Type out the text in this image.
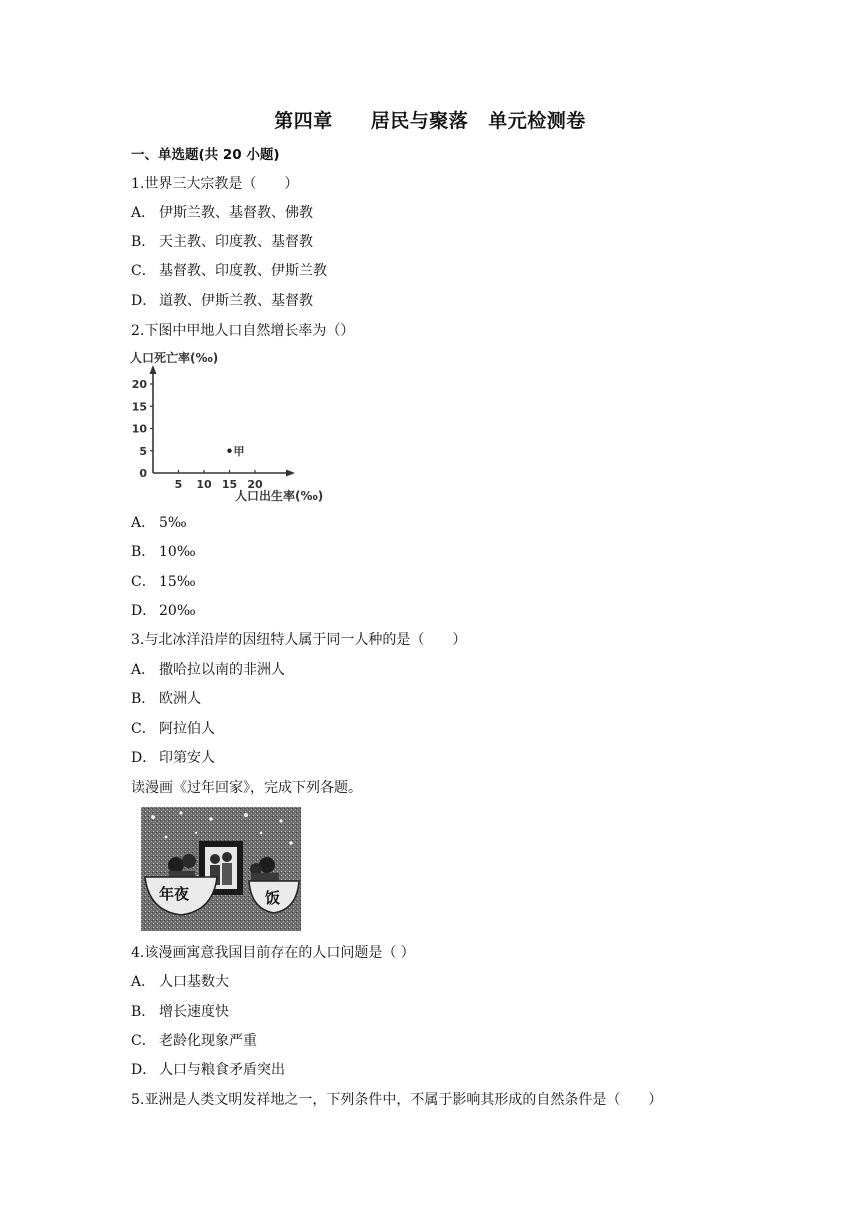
第四章 居民与聚落 单元检测卷
一、单选题(共 20 小题)
1.世界三大宗教是（　　）
A． 伊斯兰教、基督教、佛教
B． 天主教、印度教、基督教
C． 基督教、印度教、伊斯兰教
D． 道教、伊斯兰教、基督教
2.下图中甲地人口自然增长率为（）
人口死亡率(‰)
0
5
10
15
20
5 10 15 20
甲
人口出生率(‰)
A． 5‰
B． 10‰
C． 15‰
D． 20‰
3.与北冰洋沿岸的因纽特人属于同一人种的是（　　）
A． 撒哈拉以南的非洲人
B． 欧洲人
C． 阿拉伯人
D． 印第安人
读漫画《过年回家》，完成下列各题。
年夜	饭
4.该漫画寓意我国目前存在的人口问题是（ ）
A． 人口基数大
B． 增长速度快
C． 老龄化现象严重
D． 人口与粮食矛盾突出
5.亚洲是人类文明发祥地之一，下列条件中，不属于影响其形成的自然条件是（　　）
